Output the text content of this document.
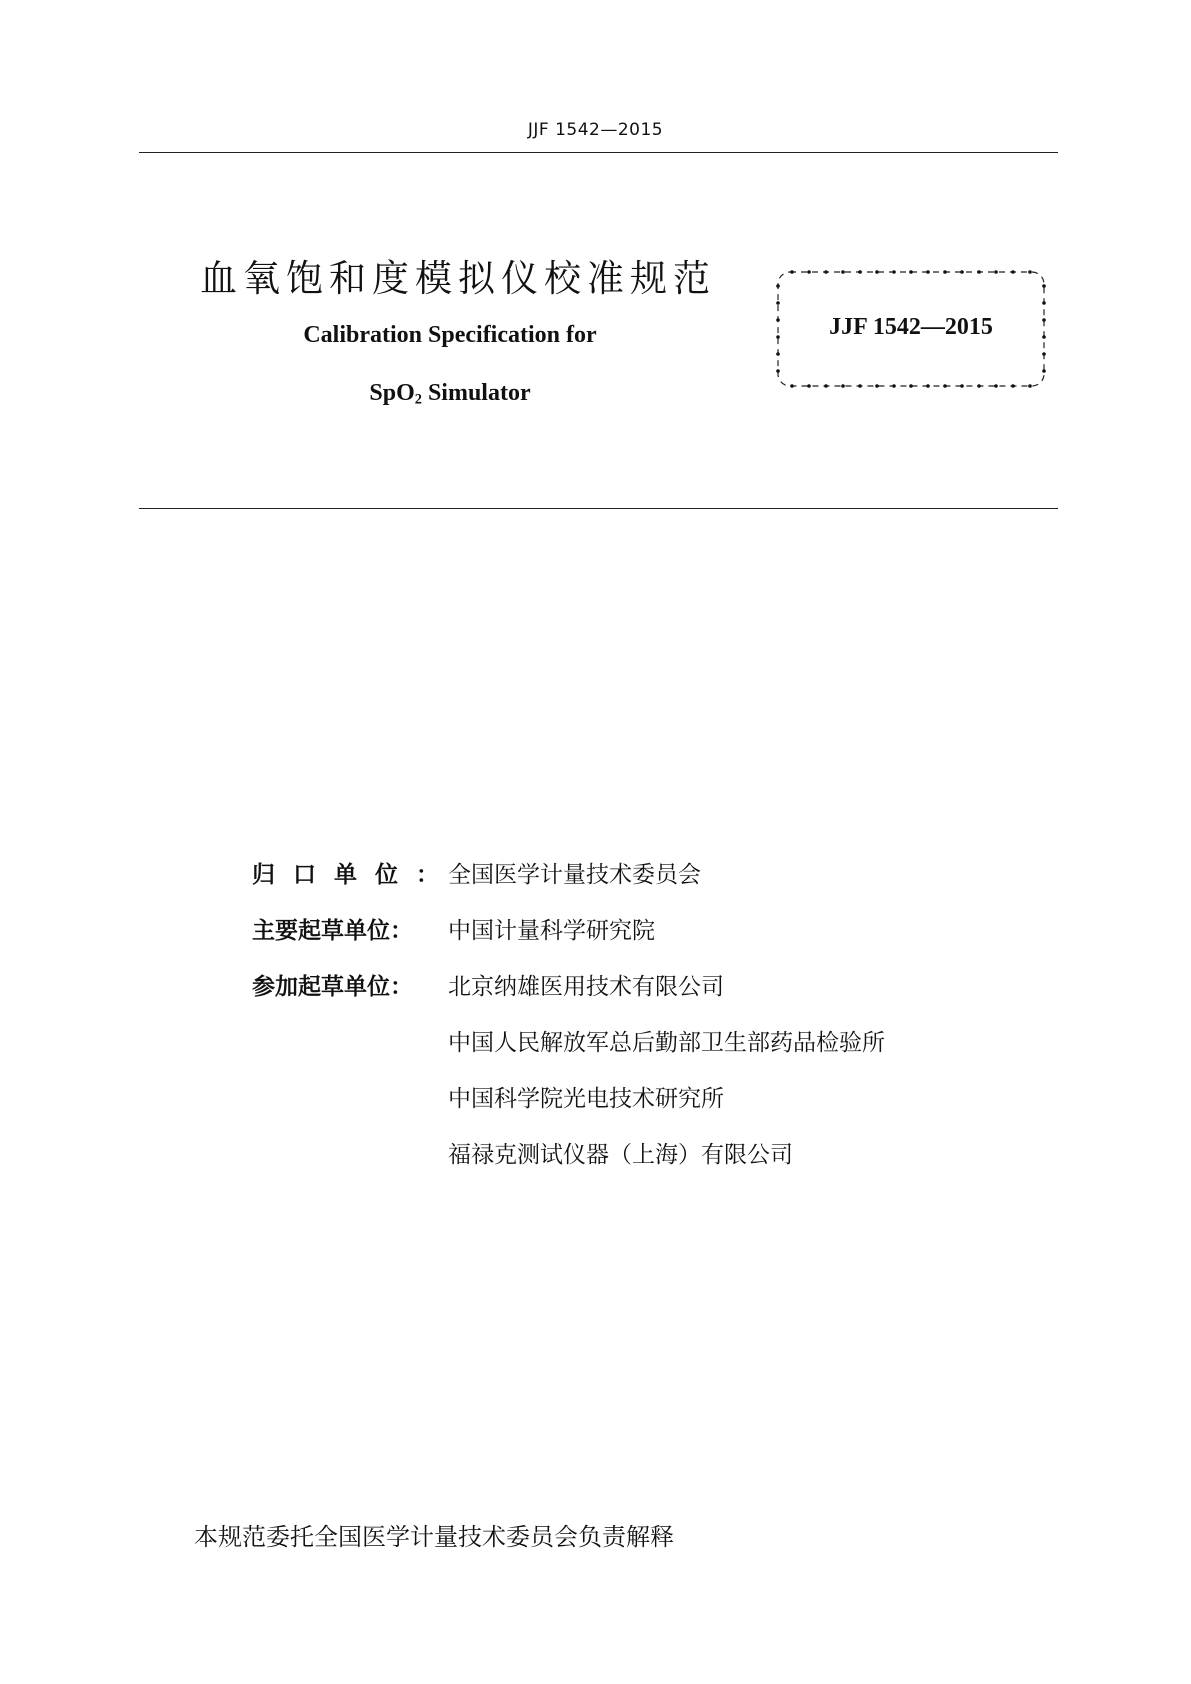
JJF 1542—2015
血氧饱和度模拟仪校准规范
Calibration Specification for
SpO$_2$ Simulator
JJF 1542—2015
归口单位：
全国医学计量技术委员会
主要起草单位： 中国计量科学研究院
参加起草单位： 北京纳雄医用技术有限公司
中国人民解放军总后勤部卫生部药品检验所
中国科学院光电技术研究所
福禄克测试仪器（上海）有限公司
本规范委托全国医学计量技术委员会负责解释
